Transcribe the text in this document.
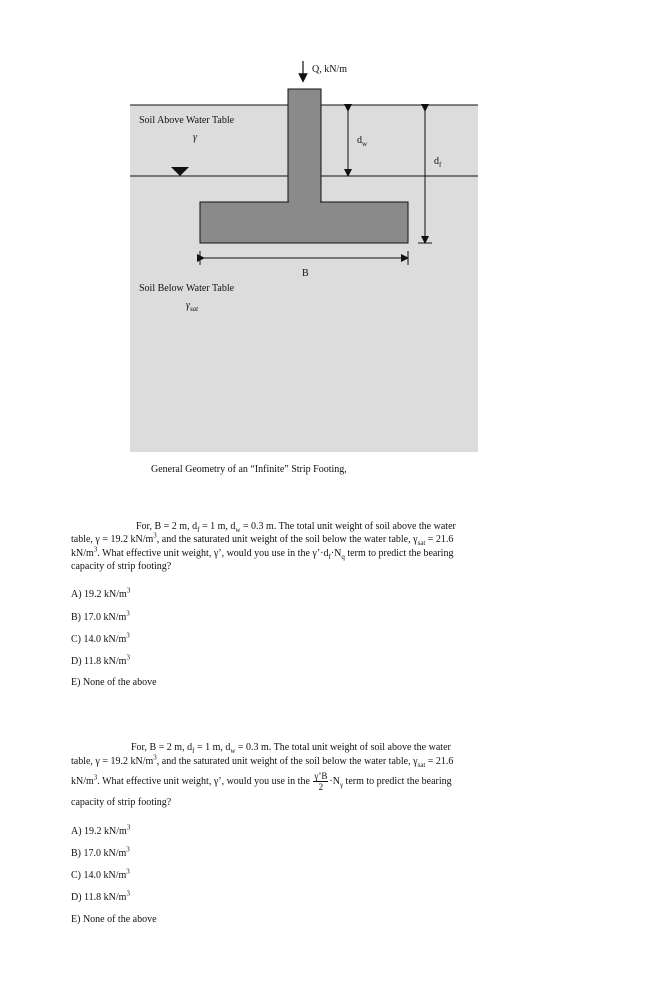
Q, kN/m
Soil Above Water Table
γ	$d_w$
$d_f$
B
Soil Below Water Table
$\gamma_{sat}$
General Geometry of an “Infinite” Strip Footing,
For, B = 2 m, $d_f = 1$ m, $d_w = 0.3$ m. The total unit weight of soil above the water
table, γ = 19.2 $kN/m^3$, and the saturated unit weight of the soil below the water table, $\gamma_{sat} = 21.6$
$kN/m^3$. What effective unit weight, γ’, would you use in the $\gamma’\cdot d_f\cdot N_q$ term to predict the bearing
capacity of strip footing?
A) 19.2 $kN/m^3$
B) 17.0 $kN/m^3$
C) 14.0 $kN/m^3$
D) 11.8 $kN/m^3$
E) None of the above
For, B = 2 m, $d_f = 1$ m, $d_w = 0.3$ m. The total unit weight of soil above the water
table, γ = 19.2 $kN/m^3$, and the saturated unit weight of the soil below the water table, $\gamma_{sat} = 21.6$
$kN/m^3$. What effective unit weight, γ’, would you use in the $\frac{\gamma’B}{2} \cdot N_\gamma$ term to predict the bearing
capacity of strip footing?
A) 19.2 $kN/m^3$
B) 17.0 $kN/m^3$
C) 14.0 $kN/m^3$
D) 11.8 $kN/m^3$
E) None of the above
